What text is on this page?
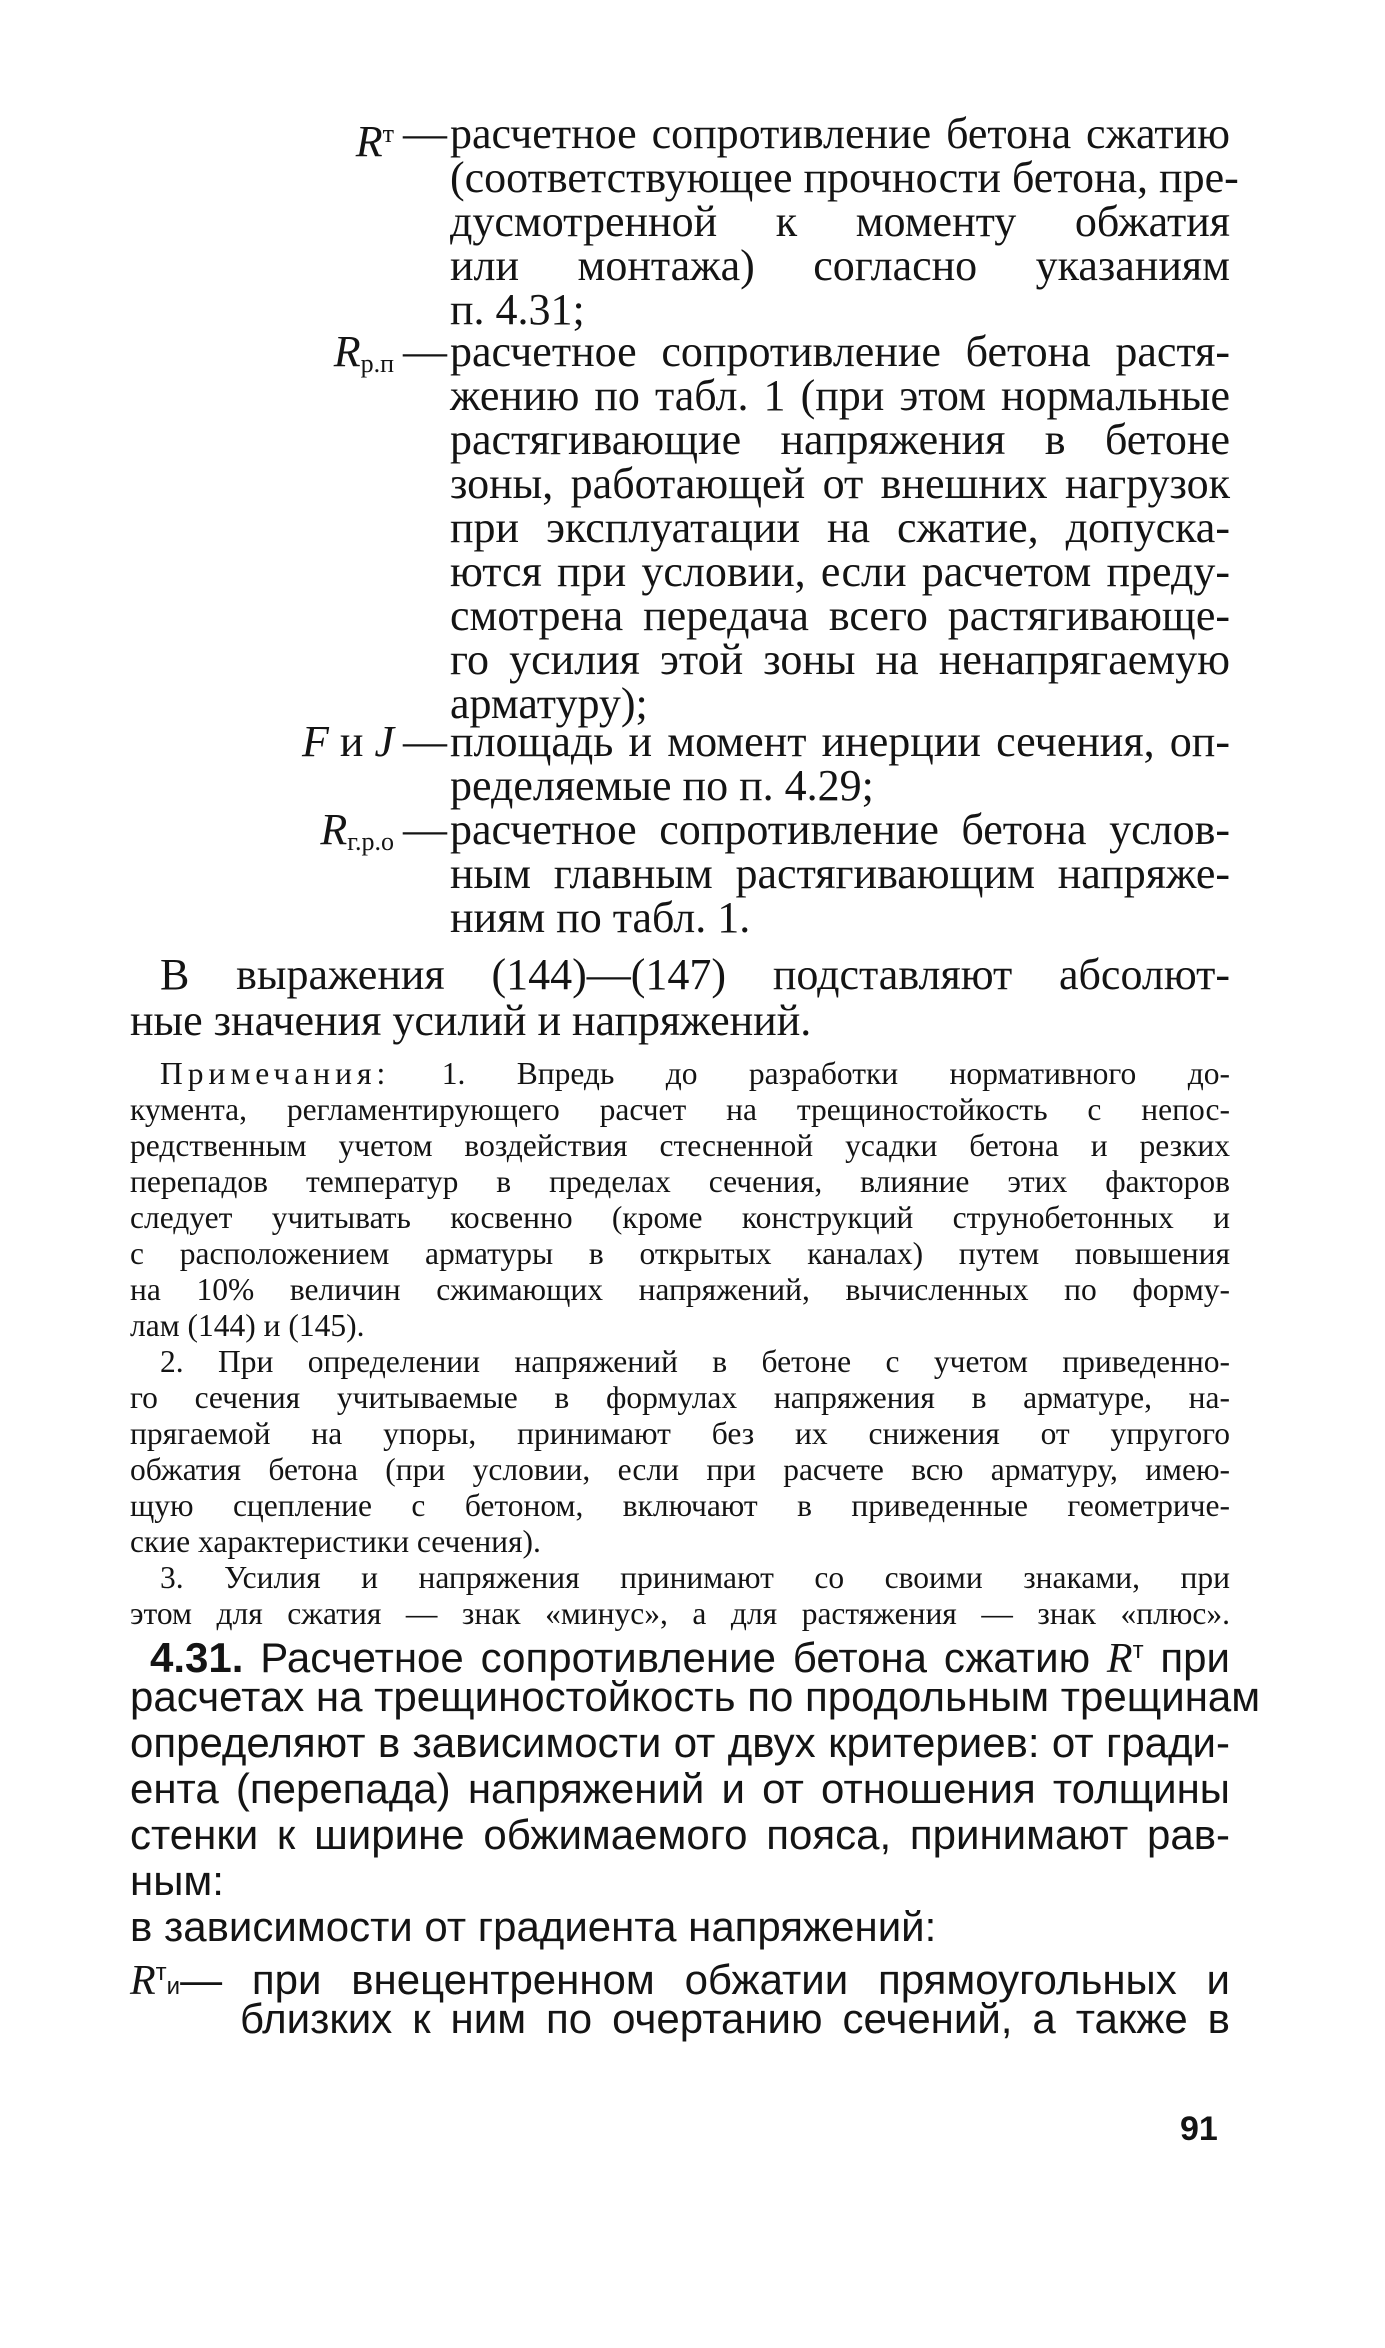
$R^т$ — расчетное сопротивление бетона сжатию
(соответствующее прочности бетона, пре-
дусмотренной к моменту обжатия
или монтажа) согласно указаниям
п. 4.31;
$R_{р.п}$ — расчетное сопротивление бетона растя-
жению по табл. 1 (при этом нормальные
растягивающие напряжения в бетоне
зоны, работающей от внешних нагрузок
при эксплуатации на сжатие, допуска-
ются при условии, если расчетом преду-
смотрена передача всего растягивающе-
го усилия этой зоны на ненапрягаемую
арматуру);
F и J — площадь и момент инерции сечения, оп-
ределяемые по п. 4.29;
$R_{г.р.о}$ — расчетное сопротивление бетона услов-
ным главным растягивающим напряже-
ниям по табл. 1.
В выражения (144)—(147) подставляют абсолют-
ные значения усилий и напряжений.
Примечания: 1. Впредь до разработки нормативного до-
кумента, регламентирующего расчет на трещиностойкость с непос-
редственным учетом воздействия стесненной усадки бетона и резких
перепадов температур в пределах сечения, влияние этих факторов
следует учитывать косвенно (кроме конструкций струнобетонных и
с расположением арматуры в открытых каналах) путем повышения
на 10% величин сжимающих напряжений, вычисленных по форму-
лам (144) и (145).
2. При определении напряжений в бетоне с учетом приведенно-
го сечения учитываемые в формулах напряжения в арматуре, на-
прягаемой на упоры, принимают без их снижения от упругого
обжатия бетона (при условии, если при расчете всю арматуру, имею-
щую сцепление с бетоном, включают в приведенные геометриче-
ские характеристики сечения).
3. Усилия и напряжения принимают со своими знаками, при
этом для сжатия — знак «минус», а для растяжения — знак «плюс».
4.31. Расчетное сопротивление бетона сжатию $R^т$ при
расчетах на трещиностойкость по продольным трещинам
определяют в зависимости от двух критериев: от гради-
ента (перепада) напряжений и от отношения толщины
стенки к ширине обжимаемого пояса, принимают рав-
ным:
в зависимости от градиента напряжений:
$R^ти—$ при внецентренном обжатии прямоугольных и
близких к ним по очертанию сечений, а также в
91
